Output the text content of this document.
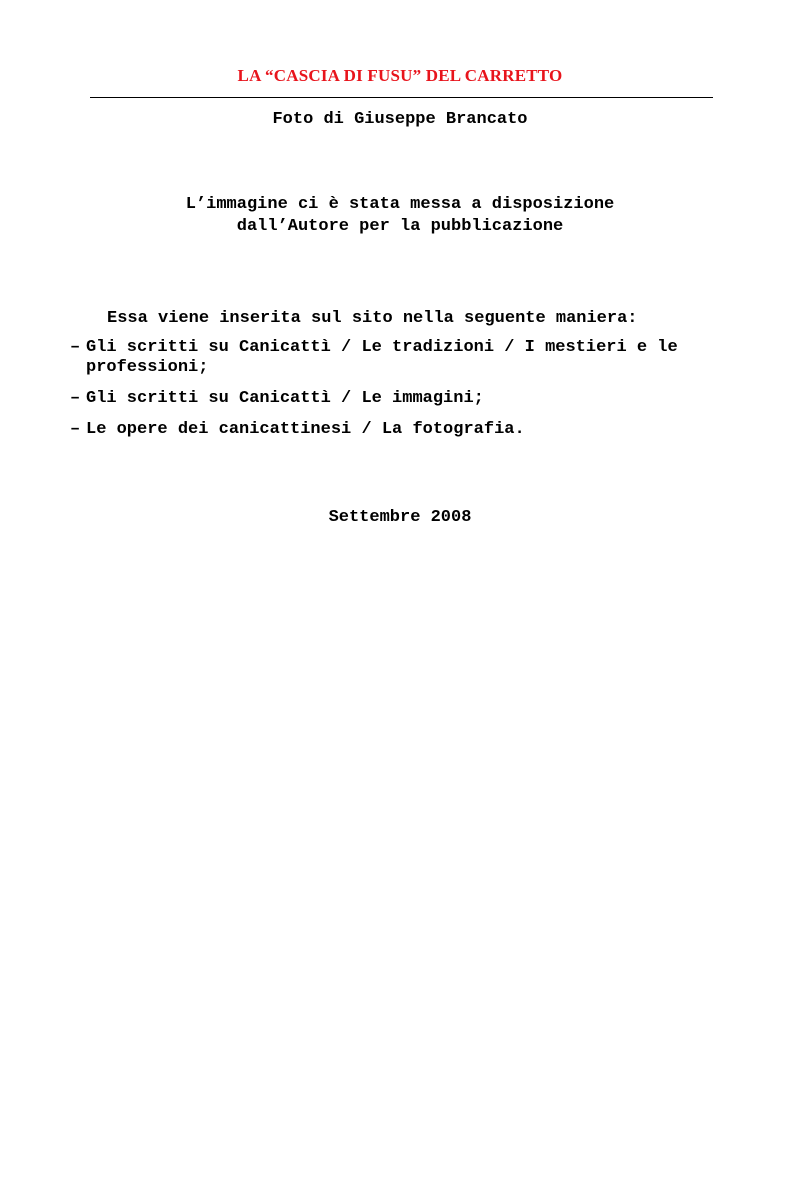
LA “CASCIA DI FUSU” DEL CARRETTO
Foto di Giuseppe Brancato
L’immagine ci è stata messa a disposizione
dall’Autore per la pubblicazione
Essa viene inserita sul sito nella seguente maniera:
– Gli scritti su Canicattì / Le tradizioni / I mestieri e le professioni;
– Gli scritti su Canicattì / Le immagini;
– Le opere dei canicattinesi / La fotografia.
Settembre 2008
